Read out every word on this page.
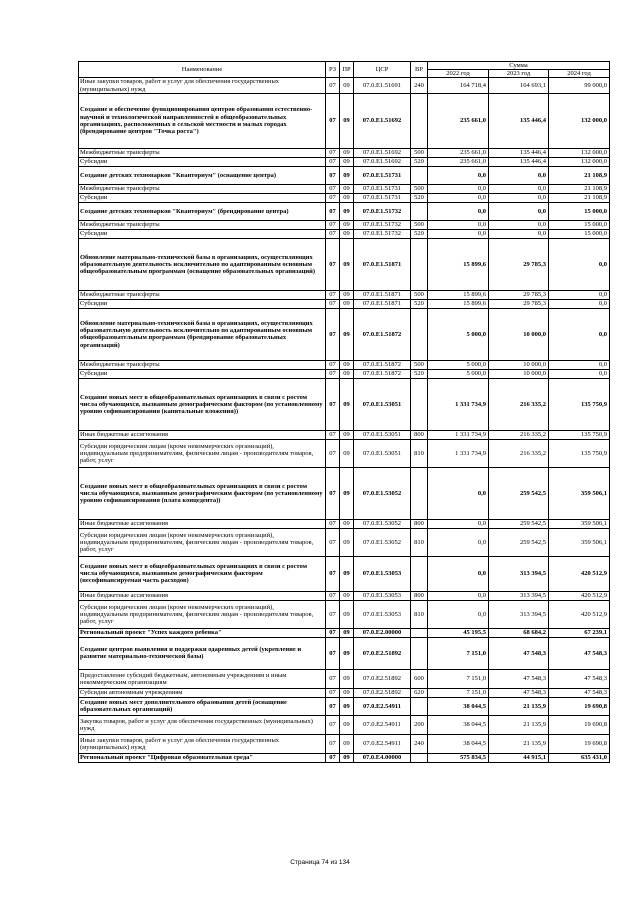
Наименование	РЗ	ПР	ЦСР	ВР	Сумма		
					2022 год	2023 год	2024 год
Иные закупки товаров, работ и услуг для обеспечения государственных (муниципальных) нужд	07	09	07.0.Е1.51691	240	164 718,4	164 693,1	99 000,0
Создание и обеспечение функционирования центров образования естественно-научной и технологической направленностей в общеобразовательных организациях, расположенных в сельской местности и малых городах (брендирование центров "Точка роста")	07	09	07.0.Е1.51692		235 661,0	135 446,4	132 000,0
Межбюджетные трансферты	07	09	07.0.Е1.51692	500	235 661,0	135 446,4	132 000,0
Субсидии	07	09	07.0.Е1.51692	520	235 661,0	135 446,4	132 000,0
Создание детских технопарков "Кванториум" (оснащение центра)	07	09	07.0.Е1.51731		0,0	0,0	21 108,9
Межбюджетные трансферты	07	09	07.0.Е1.51731	500	0,0	0,0	21 108,9
Субсидии	07	09	07.0.Е1.51731	520	0,0	0,0	21 108,9
Создание детских технопарков "Кванториум" (брендирование центра)	07	09	07.0.Е1.51732		0,0	0,0	15 000,0
Межбюджетные трансферты	07	09	07.0.Е1.51732	500	0,0	0,0	15 000,0
Субсидии	07	09	07.0.Е1.51732	520	0,0	0,0	15 000,0
Обновление материально-технической базы в организациях, осуществляющих образовательную деятельность исключительно по адаптированным основным общеобразовательным программам (оснащение образовательных организаций)	07	09	07.0.Е1.51871		15 899,6	29 785,3	0,0
Межбюджетные трансферты	07	09	07.0.Е1.51871	500	15 899,6	29 785,3	0,0
Субсидии	07	09	07.0.Е1.51871	520	15 899,6	29 785,3	0,0
Обновление материально-технической базы в организациях, осуществляющих образовательную деятельность исключительно по адаптированным основным общеобразовательным программам (брендирование образовательных организаций)	07	09	07.0.Е1.51872		5 000,0	10 000,0	0,0
Межбюджетные трансферты	07	09	07.0.Е1.51872	500	5 000,0	10 000,0	0,0
Субсидии	07	09	07.0.Е1.51872	520	5 000,0	10 000,0	0,0
Создание новых мест в общеобразовательных организациях в связи с ростом числа обучающихся, вызванным демографическим фактором (по установленному уровню софинансирования (капитальные вложения))	07	09	07.0.Е1.53051		1 331 734,9	216 335,2	135 750,9
Иные бюджетные ассигнования	07	09	07.0.Е1.53051	800	1 331 734,9	216 335,2	135 750,9
Субсидии юридическим лицам (кроме некоммерческих организаций), индивидуальным предпринимателям, физическим лицам - производителям товаров, работ, услуг	07	09	07.0.Е1.53051	810	1 331 734,9	216 335,2	135 750,9
Создание новых мест в общеобразовательных организациях в связи с ростом числа обучающихся, вызванным демографическим фактором (по установленному уровню софинансирования (плата концедента))	07	09	07.0.Е1.53052		0,0	259 542,5	359 506,1
Иные бюджетные ассигнования	07	09	07.0.Е1.53052	800	0,0	259 542,5	359 506,1
Субсидии юридическим лицам (кроме некоммерческих организаций), индивидуальным предпринимателям, физическим лицам - производителям товаров, работ, услуг	07	09	07.0.Е1.53052	810	0,0	259 542,5	359 506,1
Создание новых мест в общеобразовательных организациях в связи с ростом числа обучающихся, вызванным демографическим фактором (несофинансируемая часть расходов)	07	09	07.0.Е1.53053		0,0	313 394,5	420 512,9
Иные бюджетные ассигнования	07	09	07.0.Е1.53053	800	0,0	313 394,5	420 512,9
Субсидии юридическим лицам (кроме некоммерческих организаций), индивидуальным предпринимателям, физическим лицам - производителям товаров, работ, услуг	07	09	07.0.Е1.53053	810	0,0	313 394,5	420 512,9
Региональный проект "Успех каждого ребенка"	07	09	07.0.Е2.00000		45 195,5	68 684,2	67 239,1
Создание центров выявления и поддержки одаренных детей (укрепление и развитие материально-технической базы)	07	09	07.0.Е2.51892		7 151,0	47 548,3	47 548,3
Предоставление субсидий бюджетным, автономным учреждениям и иным некоммерческим организациям	07	09	07.0.Е2.51892	600	7 151,0	47 548,3	47 548,3
Субсидии автономным учреждениям	07	09	07.0.Е2.51892	620	7 151,0	47 548,3	47 548,3
Создание новых мест дополнительного образования детей (оснащение образовательных организаций)	07	09	07.0.Е2.54911		38 044,5	21 135,9	19 690,8
Закупка товаров, работ и услуг для обеспечения государственных (муниципальных) нужд	07	09	07.0.Е2.54911	200	38 044,5	21 135,9	19 690,8
Иные закупки товаров, работ и услуг для обеспечения государственных (муниципальных) нужд	07	09	07.0.Е2.54911	240	38 044,5	21 135,9	19 690,8
Региональный проект "Цифровая образовательная среда"	07	09	07.0.Е4.00000		575 834,5	44 915,1	635 431,0
Страница 74 из 134
